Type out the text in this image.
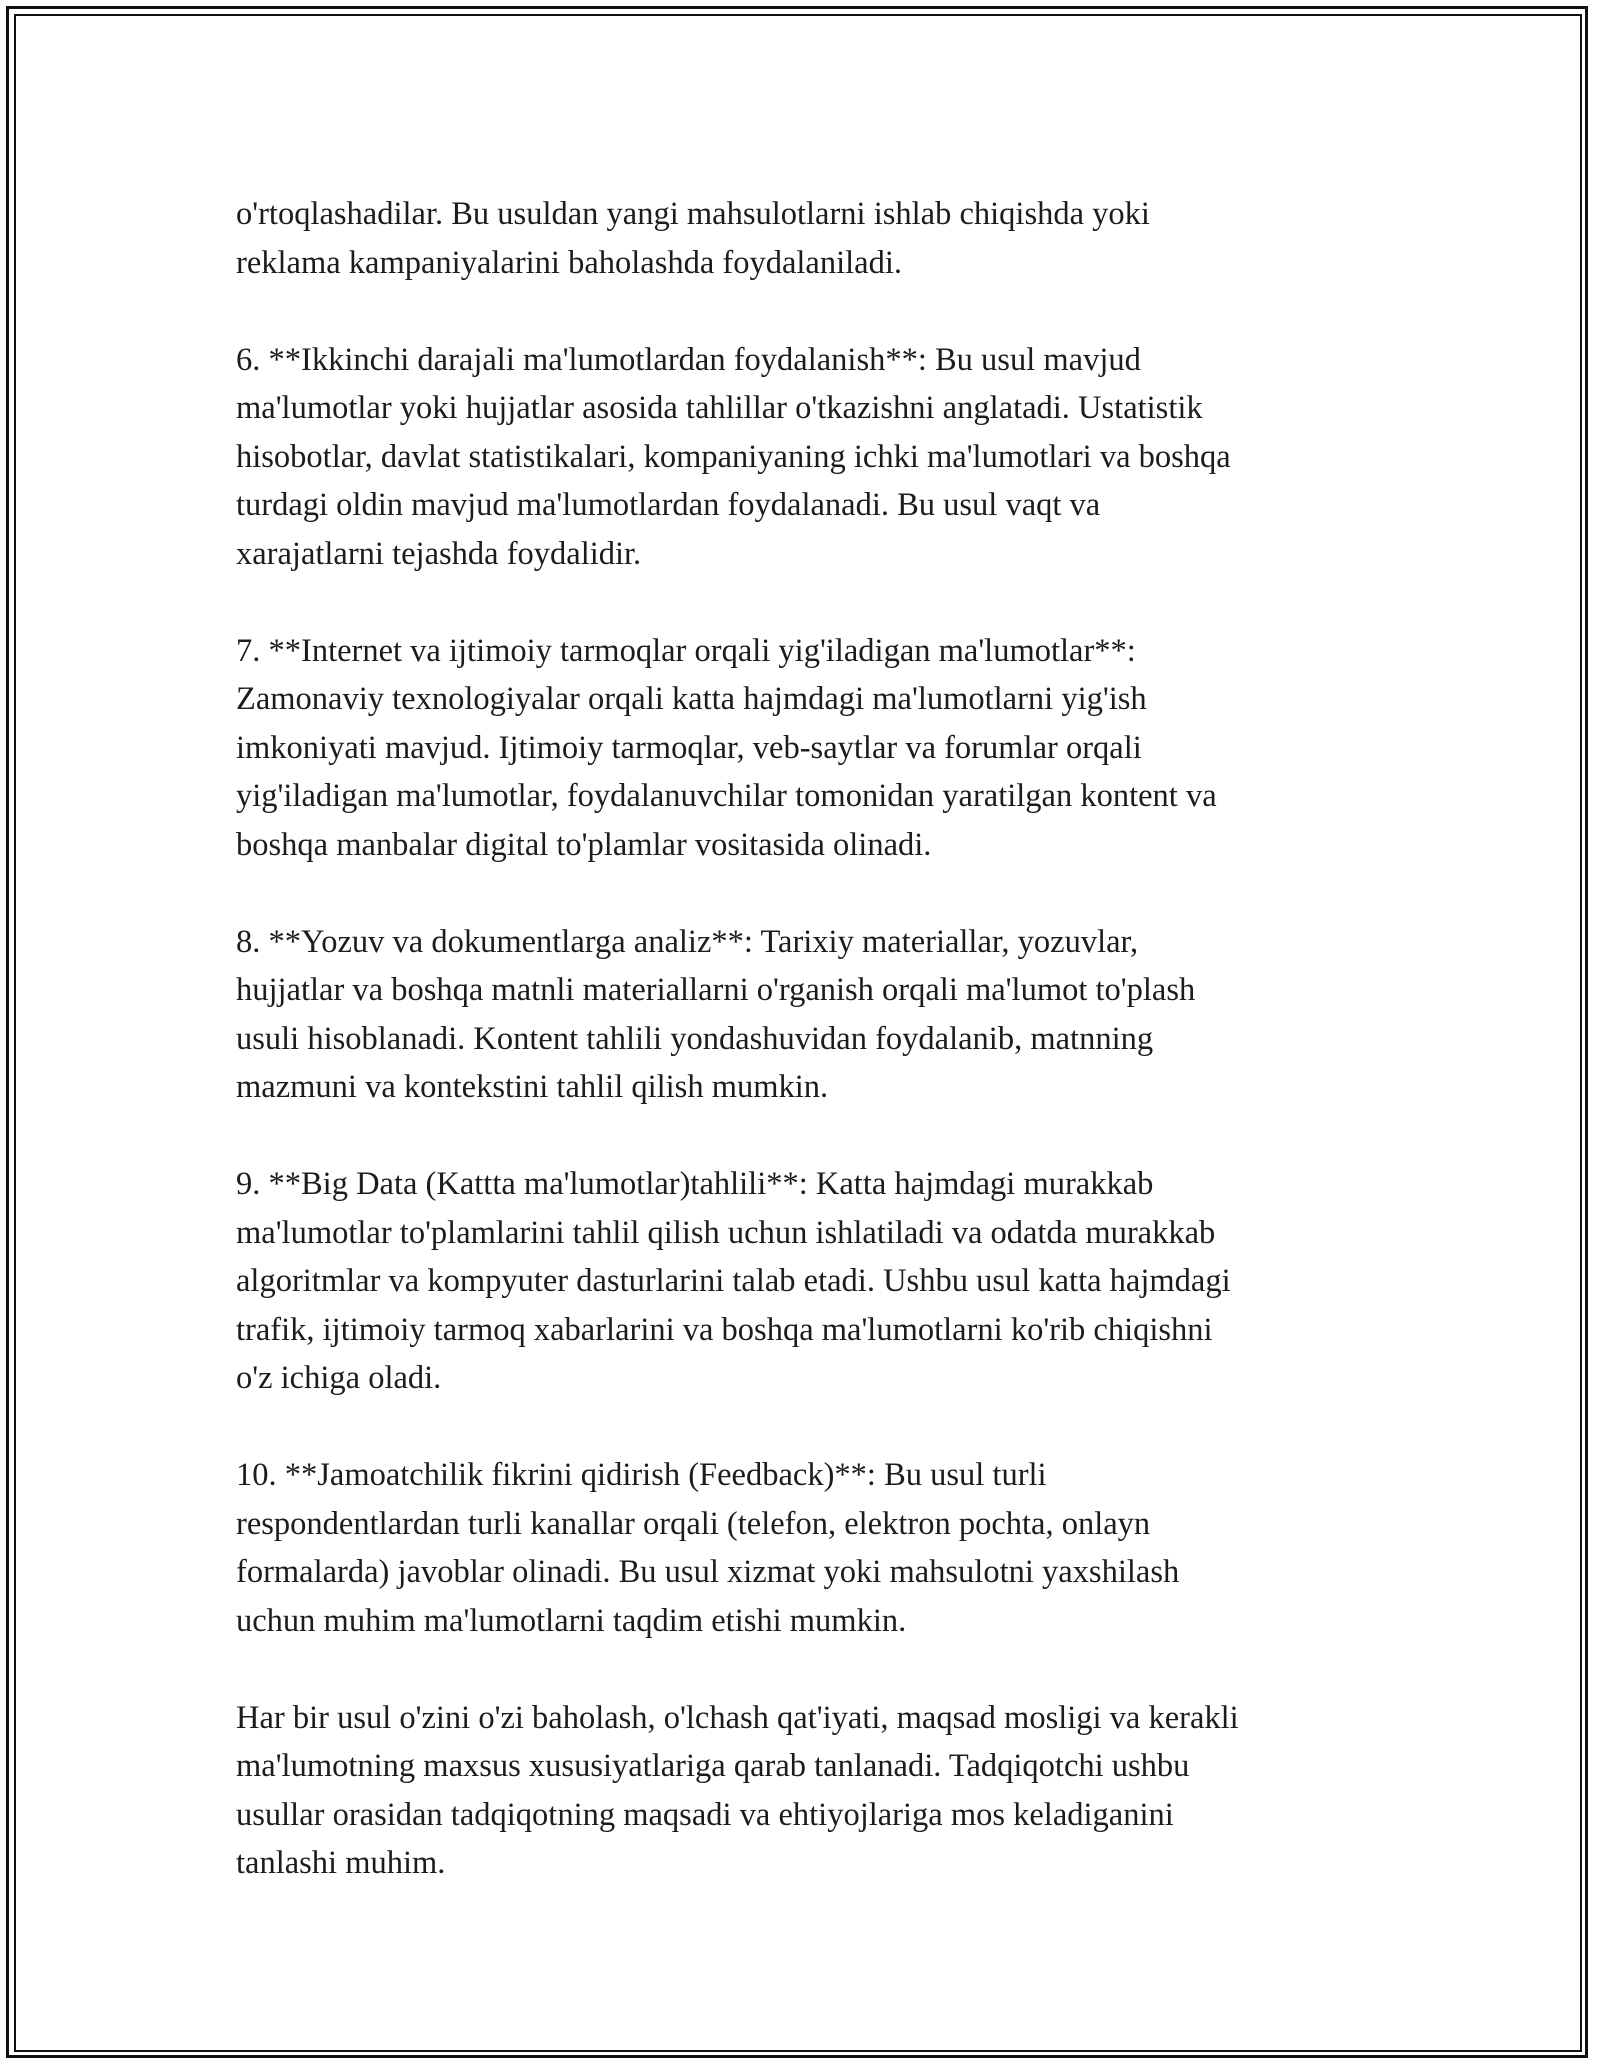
o'rtoqlashadilar. Bu usuldan yangi mahsulotlarni ishlab chiqishda yoki
reklama kampaniyalarini baholashda foydalaniladi.

6. **Ikkinchi darajali ma'lumotlardan foydalanish**: Bu usul mavjud
ma'lumotlar yoki hujjatlar asosida tahlillar o'tkazishni anglatadi. Ustatistik
hisobotlar, davlat statistikalari, kompaniyaning ichki ma'lumotlari va boshqa
turdagi oldin mavjud ma'lumotlardan foydalanadi. Bu usul vaqt va
xarajatlarni tejashda foydalidir.

7. **Internet va ijtimoiy tarmoqlar orqali yig'iladigan ma'lumotlar**:
Zamonaviy texnologiyalar orqali katta hajmdagi ma'lumotlarni yig'ish
imkoniyati mavjud. Ijtimoiy tarmoqlar, veb-saytlar va forumlar orqali
yig'iladigan ma'lumotlar, foydalanuvchilar tomonidan yaratilgan kontent va
boshqa manbalar digital to'plamlar vositasida olinadi.

8. **Yozuv va dokumentlarga analiz**: Tarixiy materiallar, yozuvlar,
hujjatlar va boshqa matnli materiallarni o'rganish orqali ma'lumot to'plash
usuli hisoblanadi. Kontent tahlili yondashuvidan foydalanib, matnning
mazmuni va kontekstini tahlil qilish mumkin.

9. **Big Data (Kattta ma'lumotlar)tahlili**: Katta hajmdagi murakkab
ma'lumotlar to'plamlarini tahlil qilish uchun ishlatiladi va odatda murakkab
algoritmlar va kompyuter dasturlarini talab etadi. Ushbu usul katta hajmdagi
trafik, ijtimoiy tarmoq xabarlarini va boshqa ma'lumotlarni ko'rib chiqishni
o'z ichiga oladi.

10. **Jamoatchilik fikrini qidirish (Feedback)**: Bu usul turli
respondentlardan turli kanallar orqali (telefon, elektron pochta, onlayn
formalarda) javoblar olinadi. Bu usul xizmat yoki mahsulotni yaxshilash
uchun muhim ma'lumotlarni taqdim etishi mumkin.

Har bir usul o'zini o'zi baholash, o'lchash qat'iyati, maqsad mosligi va kerakli
ma'lumotning maxsus xususiyatlariga qarab tanlanadi. Tadqiqotchi ushbu
usullar orasidan tadqiqotning maqsadi va ehtiyojlariga mos keladiganini
tanlashi muhim.
